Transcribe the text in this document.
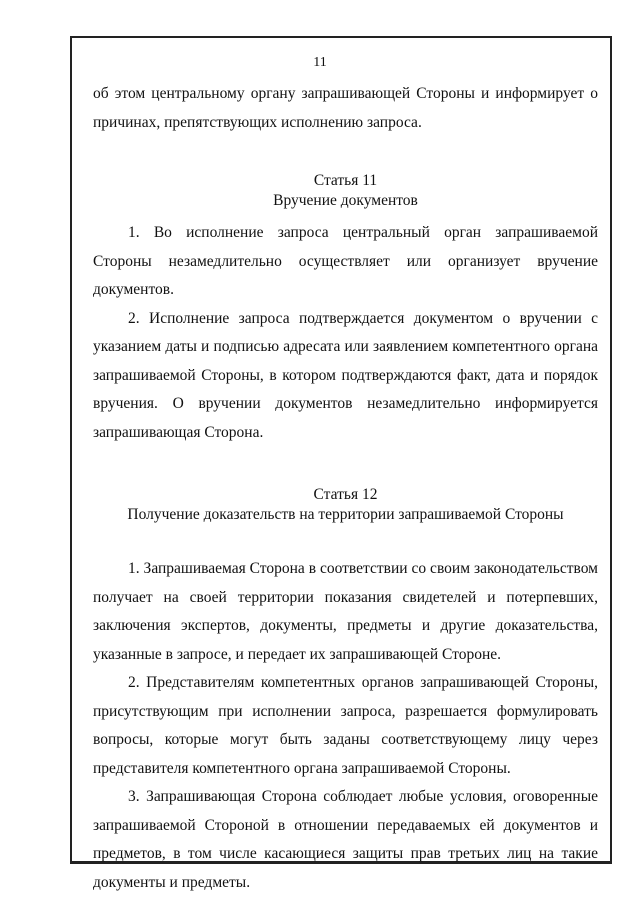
11

об этом центральному органу запрашивающей Стороны и информирует о причинах, препятствующих исполнению запроса.

Статья 11
Вручение документов

1. Во исполнение запроса центральный орган запрашиваемой Стороны незамедлительно осуществляет или организует вручение документов.

2. Исполнение запроса подтверждается документом о вручении с указанием даты и подписью адресата или заявлением компетентного органа запрашиваемой Стороны, в котором подтверждаются факт, дата и порядок вручения. О вручении документов незамедлительно информируется запрашивающая Сторона.

Статья 12
Получение доказательств на территории запрашиваемой Стороны

1. Запрашиваемая Сторона в соответствии со своим законодательством получает на своей территории показания свидетелей и потерпевших, заключения экспертов, документы, предметы и другие доказательства, указанные в запросе, и передает их запрашивающей Стороне.

2. Представителям компетентных органов запрашивающей Стороны, присутствующим при исполнении запроса, разрешается формулировать вопросы, которые могут быть заданы соответствующему лицу через представителя компетентного органа запрашиваемой Стороны.

3. Запрашивающая Сторона соблюдает любые условия, оговоренные запрашиваемой Стороной в отношении передаваемых ей документов и предметов, в том числе касающиеся защиты прав третьих лиц на такие документы и предметы.
